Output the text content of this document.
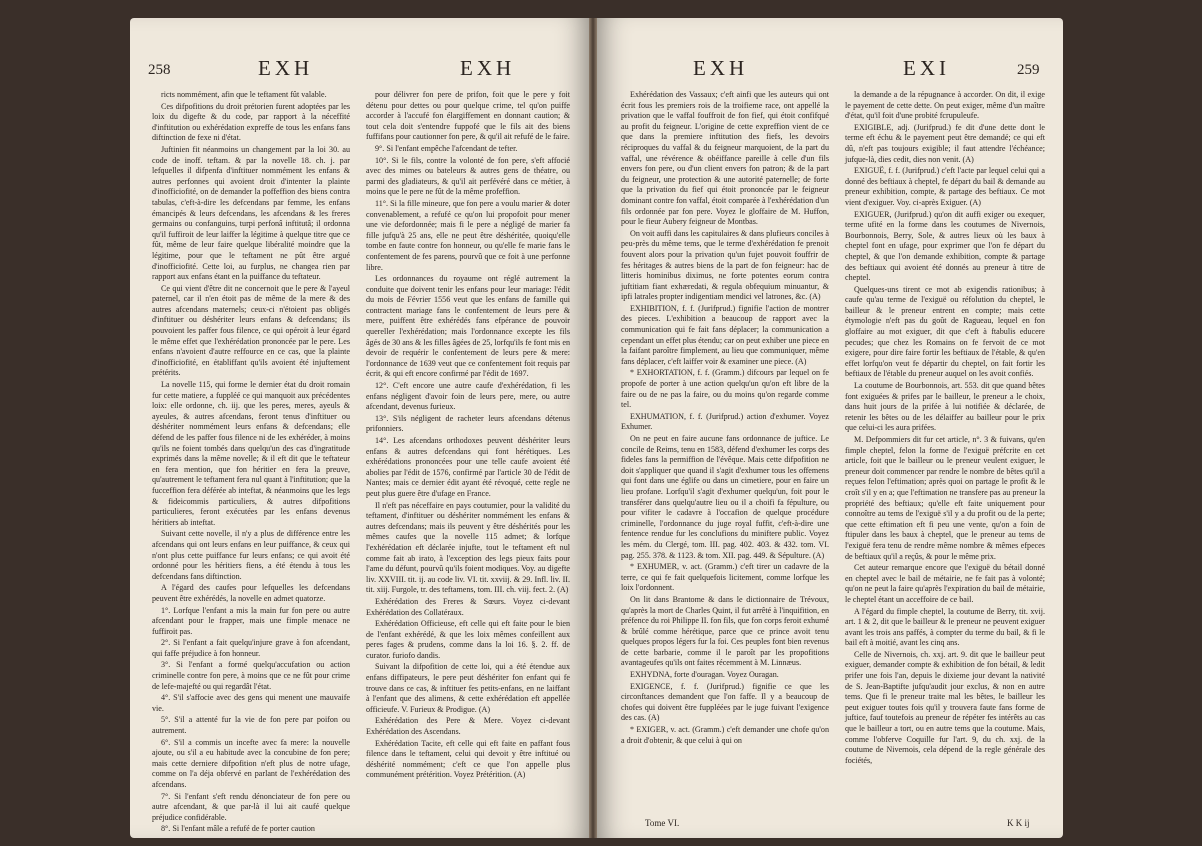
258	EXH	EXH

ricts nommément, afin que le teftament fût valable.

Ces difpofitions du droit prétorien furent adoptées par les loix du digefte & du code, par rapport à la néceffité d'inftitution ou exhérédation expreffe de tous les enfans fans diftinction de fexe ni d'état.

Juftinien fit néanmoins un changement par la loi 30. au code de inoff. teftam. & par la novelle 18. ch. j. par lefquelles il difpenfa d'inftituer nommément les enfans & autres perfonnes qui avoient droit d'intenter la plainte d'inofficiofité, on de demander la poffeffion des biens contra tabulas, c'eft-à-dire les defcendans par femme, les enfans émancipés & leurs defcendans, les afcendans & les freres germains ou confanguins, turpi perfonâ inftitutâ; il ordonna qu'il fuffiroit de leur laiffer la légitime à quelque titre que ce fût, même de leur faire quelque libéralité moindre que la légitime, pour que le teftament ne pût être argué d'inofficiofité. Cette loi, au furplus, ne changea rien par rapport aux enfans étant en la puiffance du teftateur.

Ce qui vient d'être dit ne concernoit que le pere & l'ayeul paternel, car il n'en étoit pas de même de la mere & des autres afcendans maternels; ceux-ci n'étoient pas obligés d'inftituer ou déshériter leurs enfans & defcendans; ils pouvoient les paffer fous filence, ce qui opéroit à leur égard le même effet que l'exhérédation prononcée par le pere. Les enfans n'avoient d'autre reffource en ce cas, que la plainte d'inofficiofité, en établiffant qu'ils avoient été injuftement prétérits.

La novelle 115, qui forme le dernier état du droit romain fur cette matiere, a fuppléé ce qui manquoit aux précédentes loix: elle ordonne, ch. iij. que les peres, meres, ayeuls & ayeules, & autres afcendans, feront tenus d'inftituer ou déshériter nommément leurs enfans & defcendans; elle défend de les paffer fous filence ni de les exhéréder, à moins qu'ils ne foient tombés dans quelqu'un des cas d'ingratitude exprimés dans la même novelle; & il eft dit que le teftateur en fera mention, que fon héritier en fera la preuve, qu'autrement le teftament fera nul quant à l'inftitution; que la fucceffion fera déférée ab inteftat, & néanmoins que les legs & fideicommis particuliers, & autres difpofitions particulieres, feront exécutées par les enfans devenus héritiers ab inteftat.

Suivant cette novelle, il n'y a plus de différence entre les afcendans qui ont leurs enfans en leur puiffance, & ceux qui n'ont plus cette puiffance fur leurs enfans; ce qui avoit été ordonné pour les héritiers fiens, a été étendu à tous les defcendans fans diftinction.

A l'égard des caufes pour lefquelles les defcendans peuvent être exhérédés, la novelle en admet quatorze.

1°. Lorfque l'enfant a mis la main fur fon pere ou autre afcendant pour le frapper, mais une fimple menace ne fuffiroit pas.

2°. Si l'enfant a fait quelqu'injure grave à fon afcendant, qui faffe préjudice à fon honneur.

3°. Si l'enfant a formé quelqu'accufation ou action criminelle contre fon pere, à moins que ce ne fût pour crime de lefe-majefté ou qui regardât l'état.

4°. S'il s'affocie avec des gens qui menent une mauvaife vie.

5°. S'il a attenté fur la vie de fon pere par poifon ou autrement.

6°. S'il a commis un incefte avec fa mere: la nouvelle ajoute, ou s'il a eu habitude avec la concubine de fon pere; mais cette derniere difpofition n'eft plus de notre ufage, comme on l'a déja obfervé en parlant de l'exhérédation des afcendans.

7°. Si l'enfant s'eft rendu dénonciateur de fon pere ou autre afcendant, & que par-là il lui ait caufé quelque préjudice confidérable.

8°. Si l'enfant mâle a refufé de fe porter caution

pour délivrer fon pere de prifon, foit que le pere y foit détenu pour dettes ou pour quelque crime, tel qu'on puiffe accorder à l'accufé fon élargiffement en donnant caution; & tout cela doit s'entendre fuppofé que le fils ait des biens fuffifans pour cautionner fon pere, & qu'il ait refufé de le faire.

9°. Si l'enfant empêche l'afcendant de tefter.

10°. Si le fils, contre la volonté de fon pere, s'eft affocié avec des mimes ou bateleurs & autres gens de théatre, ou parmi des gladiateurs, & qu'il ait perfévéré dans ce métier, à moins que le pere ne fût de la même profeffion.

11°. Si la fille mineure, que fon pere a voulu marier & doter convenablement, a refufé ce qu'on lui propofoit pour mener une vie defordonnée; mais fi le pere a négligé de marier fa fille jufqu'à 25 ans, elle ne peut être déshéritée, quoiqu'elle tombe en faute contre fon honneur, ou qu'elle fe marie fans le confentement de fes parens, pourvû que ce foit à une perfonne libre.

Les ordonnances du royaume ont réglé autrement la conduite que doivent tenir les enfans pour leur mariage: l'édit du mois de Février 1556 veut que les enfans de famille qui contractent mariage fans le confentement de leurs pere & mere, puiffent être exhérédés fans efpérance de pouvoir quereller l'exhérédation; mais l'ordonnance excepte les fils âgés de 30 ans & les filles âgées de 25, lorfqu'ils fe font mis en devoir de requérir le confentement de leurs pere & mere: l'ordonnance de 1639 veut que ce confentement foit requis par écrit, & qui eft encore confirmé par l'édit de 1697.

12°. C'eft encore une autre caufe d'exhérédation, fi les enfans négligent d'avoir foin de leurs pere, mere, ou autre afcendant, devenus furieux.

13°. S'ils négligent de racheter leurs afcendans détenus prifonniers.

14°. Les afcendans orthodoxes peuvent déshériter leurs enfans & autres defcendans qui font hérétiques. Les exhérédations prononcées pour une telle caufe avoient été abolies par l'édit de 1576, confirmé par l'article 30 de l'édit de Nantes; mais ce dernier édit ayant été révoqué, cette regle ne peut plus guere être d'ufage en France.

Il n'eft pas néceffaire en pays coutumier, pour la validité du teftament, d'inftituer ou déshériter nommément les enfans & autres defcendans; mais ils peuvent y être déshérités pour les mêmes caufes que la novelle 115 admet; & lorfque l'exhérédation eft déclarée injufte, tout le teftament eft nul comme fait ab irato, à l'exception des legs pieux faits pour l'ame du défunt, pourvû qu'ils foient modiques. Voy. au digefte liv. XXVIII. tit. ij. au code liv. VI. tit. xxviij. & 29. Infl. liv. II. tit. xiij. Furgole, tr. des teftamens, tom. III. ch. viij. fect. 2. (A)

Exhérédation des Freres & Sœurs. Voyez ci-devant Exhérédation des Collatéraux.

Exhérédation Officieuse, eft celle qui eft faite pour le bien de l'enfant exhérédé, & que les loix mêmes confeillent aux peres fages & prudens, comme dans la loi 16. §. 2. ff. de curator. furiofo dandis.

Suivant la difpofition de cette loi, qui a été étendue aux enfans diffipateurs, le pere peut déshériter fon enfant qui fe trouve dans ce cas, & inftituer fes petits-enfans, en ne laiffant à l'enfant que des alimens, & cette exhérédation eft appellée officieufe. V. Furieux & Prodigue. (A)

Exhérédation des Pere & Mere. Voyez ci-devant Exhérédation des Ascendans.

Exhérédation Tacite, eft celle qui eft faite en paffant fous filence dans le teftament, celui qui devoit y être inftitué ou déshérité nommément; c'eft ce que l'on appelle plus communément prétérition. Voyez Prétérition. (A)

EXH	EXI	259

Exhérédation des Vassaux; c'eft ainfi que les auteurs qui ont écrit fous les premiers rois de la troifieme race, ont appellé la privation que le vaffal fouffroit de fon fief, qui étoit confifqué au profit du feigneur. L'origine de cette expreffion vient de ce que dans la premiere inftitution des fiefs, les devoirs réciproques du vaffal & du feigneur marquoient, de la part du vaffal, une révérence & obéiffance pareille à celle d'un fils envers fon pere, ou d'un client envers fon patron; & de la part du feigneur, une protection & une autorité paternelle; de forte que la privation du fief qui étoit prononcée par le feigneur dominant contre fon vaffal, étoit comparée à l'exhérédation d'un fils ordonnée par fon pere. Voyez le gloffaire de M. Huffon, pour le fieur Aubery feigneur de Montbas.

On voit auffi dans les capitulaires & dans plufieurs conciles à peu-près du même tems, que le terme d'exhérédation fe prenoit fouvent alors pour la privation qu'un fujet pouvoit fouffrir de fes héritages & autres biens de la part de fon feigneur: hac de litteris hominibus diximus, ne forte potentes eorum contra juftitiam fiant exhæredati, & regula obfequium minuantur, & ipfi latrales propter indigentiam mendici vel latrones, &c. (A)

EXHIBITION, f. f. (Jurifprud.) fignifie l'action de montrer des pieces. L'exhibition a beaucoup de rapport avec la communication qui fe fait fans déplacer; la communication a cependant un effet plus étendu; car on peut exhiber une piece en la faifant paroître fimplement, au lieu que communiquer, même fans déplacer, c'eft laiffer voir & examiner une piece. (A)

* EXHORTATION, f. f. (Gramm.) difcours par lequel on fe propofe de porter à une action quelqu'un qu'on eft libre de la faire ou de ne pas la faire, ou du moins qu'on regarde comme tel.

EXHUMATION, f. f. (Jurifprud.) action d'exhumer. Voyez Exhumer.

On ne peut en faire aucune fans ordonnance de juftice. Le concile de Reims, tenu en 1583, défend d'exhumer les corps des fideles fans la permiffion de l'évêque. Mais cette difpofition ne doit s'appliquer que quand il s'agit d'exhumer tous les offemens qui font dans une églife ou dans un cimetiere, pour en faire un lieu profane. Lorfqu'il s'agit d'exhumer quelqu'un, foit pour le transférer dans quelqu'autre lieu ou il a choifi fa fépulture, ou pour vifiter le cadavre à l'occafion de quelque procédure criminelle, l'ordonnance du juge royal fuffit, c'eft-à-dire une fentence rendue fur les conclufions du miniftere public. Voyez les mém. du Clergé, tom. III. pag. 402. 403. & 432. tom. VI. pag. 255. 378. & 1123. & tom. XII. pag. 449. & Sépulture. (A)

* EXHUMER, v. act. (Gramm.) c'eft tirer un cadavre de la terre, ce qui fe fait quelquefois licitement, comme lorfque les loix l'ordonnent.

On lit dans Brantome & dans le dictionnaire de Trévoux, qu'après la mort de Charles Quint, il fut arrêté à l'inquifition, en préfence du roi Philippe II. fon fils, que fon corps feroit exhumé & brûlé comme hérétique, parce que ce prince avoit tenu quelques propos légers fur la foi. Ces peuples font bien revenus de cette barbarie, comme il le paroît par les propofitions avantageufes qu'ils ont faites récemment à M. Linnæus.

EXHYDNA, forte d'ouragan. Voyez Ouragan.

EXIGENCE, f. f. (Jurifprud.) fignifie ce que les circonftances demandent que l'on faffe. Il y a beaucoup de chofes qui doivent être fuppléées par le juge fuivant l'exigence des cas. (A)

* EXIGER, v. act. (Gramm.) c'eft demander une chofe qu'on a droit d'obtenir, & que celui à qui on

la demande a de la répugnance à accorder. On dit, il exige le payement de cette dette. On peut exiger, même d'un maître d'état, qu'il foit d'une probité fcrupuleufe.

EXIGIBLE, adj. (Jurifprud.) fe dit d'une dette dont le terme eft échu & le payement peut être demandé; ce qui eft dû, n'eft pas toujours exigible; il faut attendre l'échéance; jufque-là, dies cedit, dies non venit. (A)

EXIGUË, f. f. (Jurifprud.) c'eft l'acte par lequel celui qui a donné des beftiaux à cheptel, fe départ du bail & demande au preneur exhibition, compte, & partage des beftiaux. Ce mot vient d'exiguer. Voy. ci-après Exiguer. (A)

EXIGUER, (Jurifprud.) qu'on dit auffi exiger ou exequer, terme ufité en la forme dans les coutumes de Nivernois, Bourbonnois, Berry, Sole, & autres lieux où les baux à cheptel font en ufage, pour exprimer que l'on fe départ du cheptel, & que l'on demande exhibition, compte & partage des beftiaux qui avoient été donnés au preneur à titre de cheptel.

Quelques-uns tirent ce mot ab exigendis rationibus; à caufe qu'au terme de l'exiguë ou réfolution du cheptel, le bailleur & le preneur entrent en compte; mais cette étymologie n'eft pas du goût de Ragueau, lequel en fon gloffaire au mot exiguer, dit que c'eft à ftabulis educere pecudes; que chez les Romains on fe fervoit de ce mot exigere, pour dire faire fortir les beftiaux de l'étable, & qu'en effet lorfqu'on veut fe départir du cheptel, on fait fortir les beftiaux de l'étable du preneur auquel on les avoit confiés.

La coutume de Bourbonnois, art. 553. dit que quand bêtes font exiguées & prifes par le bailleur, le preneur a le choix, dans huit jours de la prifée à lui notifiée & déclarée, de retenir les bêtes ou de les délaiffer au bailleur pour le prix que celui-ci les aura prifées.

M. Defpommiers dit fur cet article, n°. 3 & fuivans, qu'en fimple cheptel, felon la forme de l'exiguë préfcrite en cet article, foit que le bailleur ou le preneur veulent exiguer, le preneur doit commencer par rendre le nombre de bêtes qu'il a reçues felon l'eftimation; après quoi on partage le profit & le croît s'il y en a; que l'eftimation ne transfere pas au preneur la propriété des beftiaux; qu'elle eft faite uniquement pour connoître au tems de l'exiguë s'il y a du profit ou de la perte; que cette eftimation eft fi peu une vente, qu'on a foin de ftipuler dans les baux à cheptel, que le preneur au tems de l'exiguë fera tenu de rendre même nombre & mêmes efpeces de beftiaux qu'il a reçûs, & pour le même prix.

Cet auteur remarque encore que l'exiguë du bétail donné en cheptel avec le bail de métairie, ne fe fait pas à volonté; qu'on ne peut la faire qu'après l'expiration du bail de métairie, le cheptel étant un acceffoire de ce bail.

A l'égard du fimple cheptel, la coutume de Berry, tit. xvij. art. 1 & 2, dit que le bailleur & le preneur ne peuvent exiguer avant les trois ans paffés, à compter du terme du bail, & fi le bail eft à moitié, avant les cinq ans.

Celle de Nivernois, ch. xxj. art. 9. dit que le bailleur peut exiguer, demander compte & exhibition de fon bétail, & ledit prifer une fois l'an, depuis le dixieme jour devant la nativité de S. Jean-Baptifte jufqu'audit jour exclus, & non en autre tems. Que fi le preneur traite mal les bêtes, le bailleur les peut exiguer toutes fois qu'il y trouvera faute fans forme de juftice, fauf toutefois au preneur de répéter fes intérêts au cas que le bailleur a tort, ou en autre tems que la coutume. Mais, comme l'obferve Coquille fur l'art. 9, du ch. xxj. de la coutume de Nivernois, cela dépend de la regle générale des fociétés,

Tome VI.	K K ij
